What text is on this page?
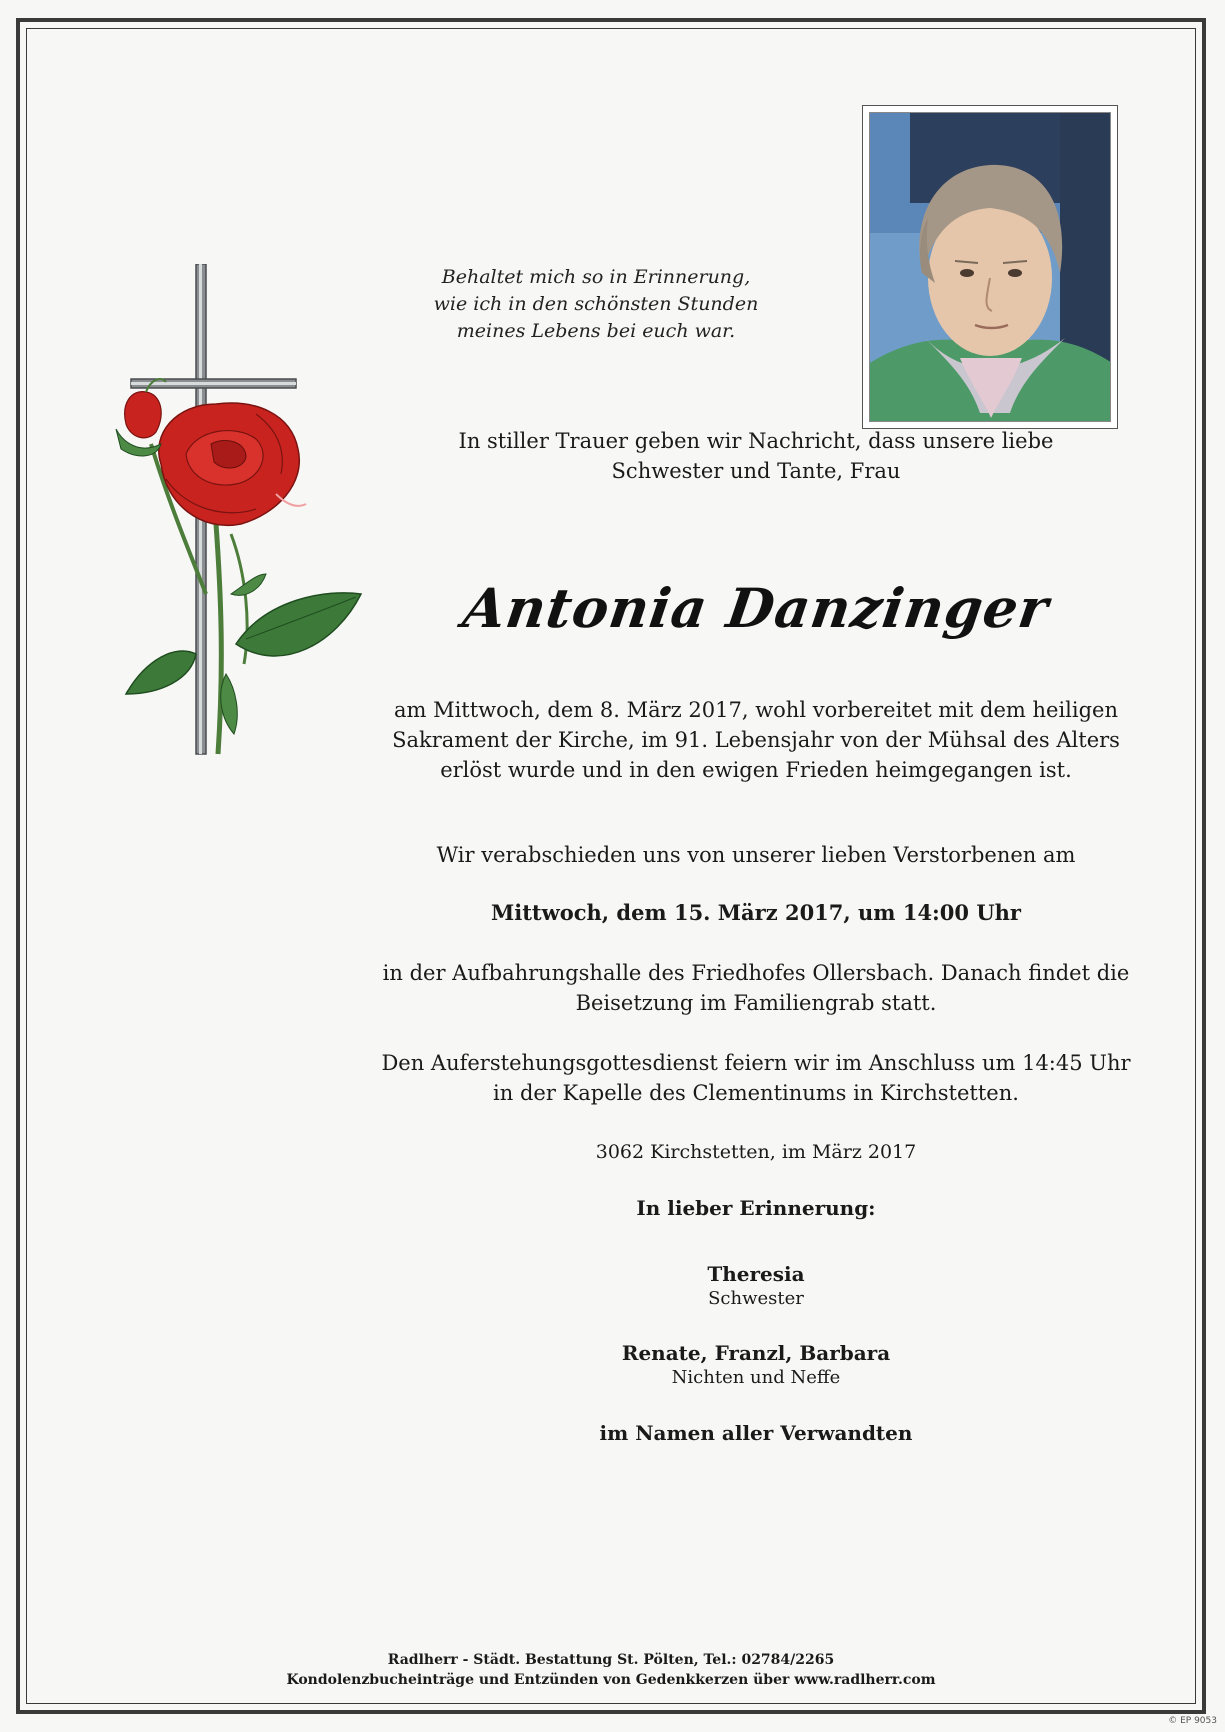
Behaltet mich so in Erinnerung,
wie ich in den schönsten Stunden
meines Lebens bei euch war.
In stiller Trauer geben wir Nachricht, dass unsere liebe
Schwester und Tante, Frau
Antonia Danzinger
am Mittwoch, dem 8. März 2017, wohl vorbereitet mit dem heiligen
Sakrament der Kirche, im 91. Lebensjahr von der Mühsal des Alters
erlöst wurde und in den ewigen Frieden heimgegangen ist.
Wir verabschieden uns von unserer lieben Verstorbenen am
Mittwoch, dem 15. März 2017, um 14:00 Uhr
in der Aufbahrungshalle des Friedhofes Ollersbach. Danach findet die
Beisetzung im Familiengrab statt.
Den Auferstehungsgottesdienst feiern wir im Anschluss um 14:45 Uhr
in der Kapelle des Clementinums in Kirchstetten.
3062 Kirchstetten, im März 2017
In lieber Erinnerung:
Theresia
Schwester
Renate, Franzl, Barbara
Nichten und Neffe
im Namen aller Verwandten
Radlherr - Städt. Bestattung St. Pölten, Tel.: 02784/2265
Kondolenzbucheinträge und Entzünden von Gedenkkerzen über www.radlherr.com
© EP 9053
